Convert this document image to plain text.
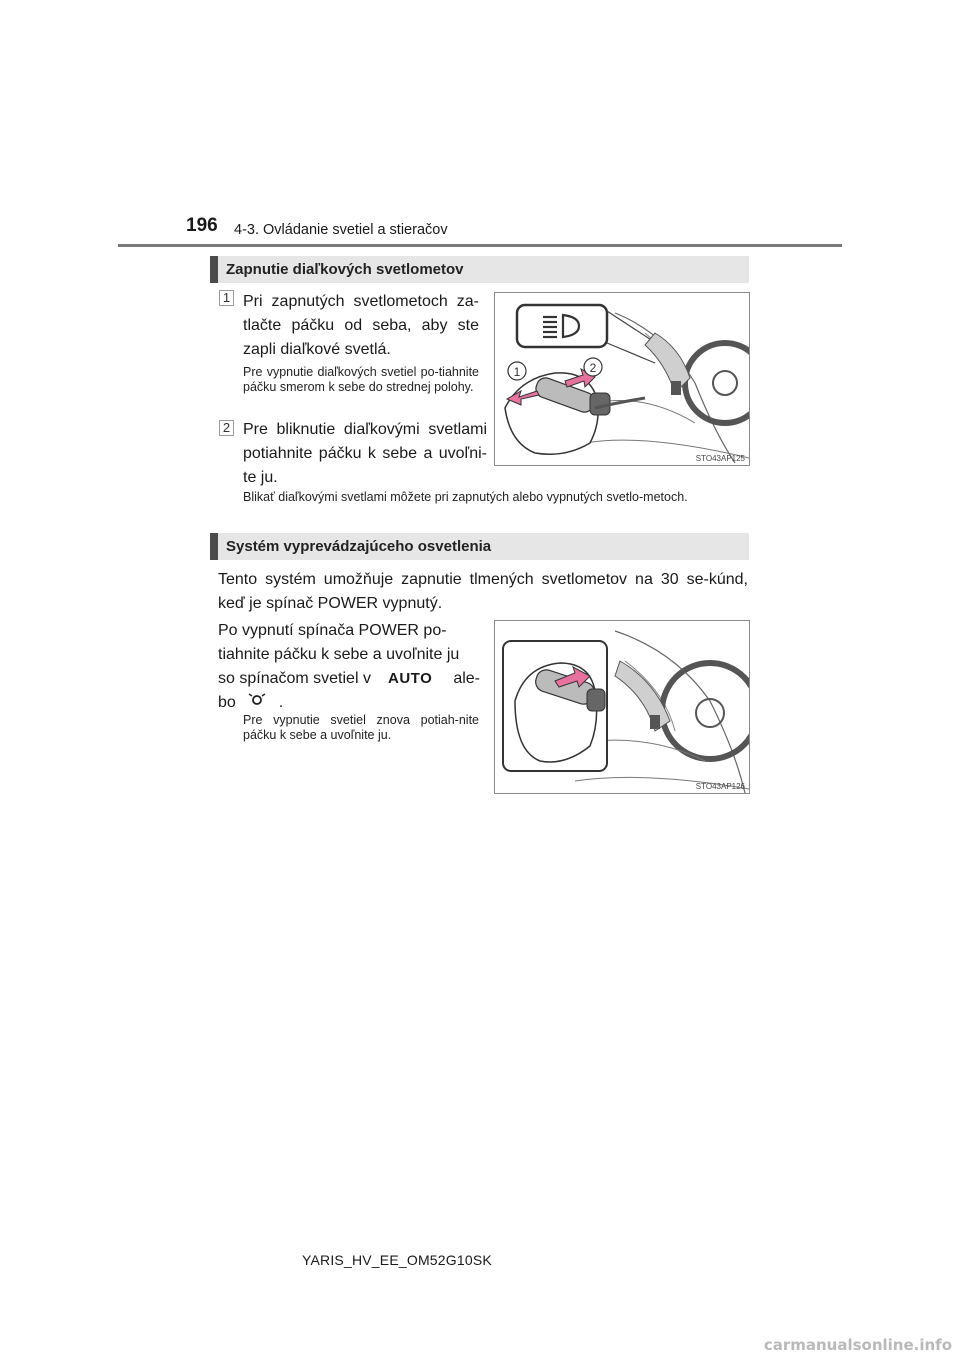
196 4-3. Ovládanie svetiel a stieračov
Zapnutie diaľkových svetlometov
1 Pri zapnutých svetlometoch za-tlačte páčku od seba, aby ste zapli diaľkové svetlá.
Pre vypnutie diaľkových svetiel po-tiahnite páčku smerom k sebe do strednej polohy.
2 Pre bliknutie diaľkovými svetlami potiahnite páčku k sebe a uvoľni-te ju.
Blikať diaľkovými svetlami môžete pri zapnutých alebo vypnutých svetlo-metoch.
1	2
STO43AP125
Systém vyprevádzajúceho osvetlenia
Tento systém umožňuje zapnutie tlmených svetlometov na 30 se-kúnd, keď je spínač POWER vypnutý.
Po vypnutí spínača POWER po-
tiahnite páčku k sebe a uvoľnite ju
so spínačom svetiel v AUTO ale-
bo	.
Pre vypnutie svetiel znova potiah-nite páčku k sebe a uvoľnite ju.
STO43AP126
YARIS_HV_EE_OM52G10SK
carmanualsonline.info
